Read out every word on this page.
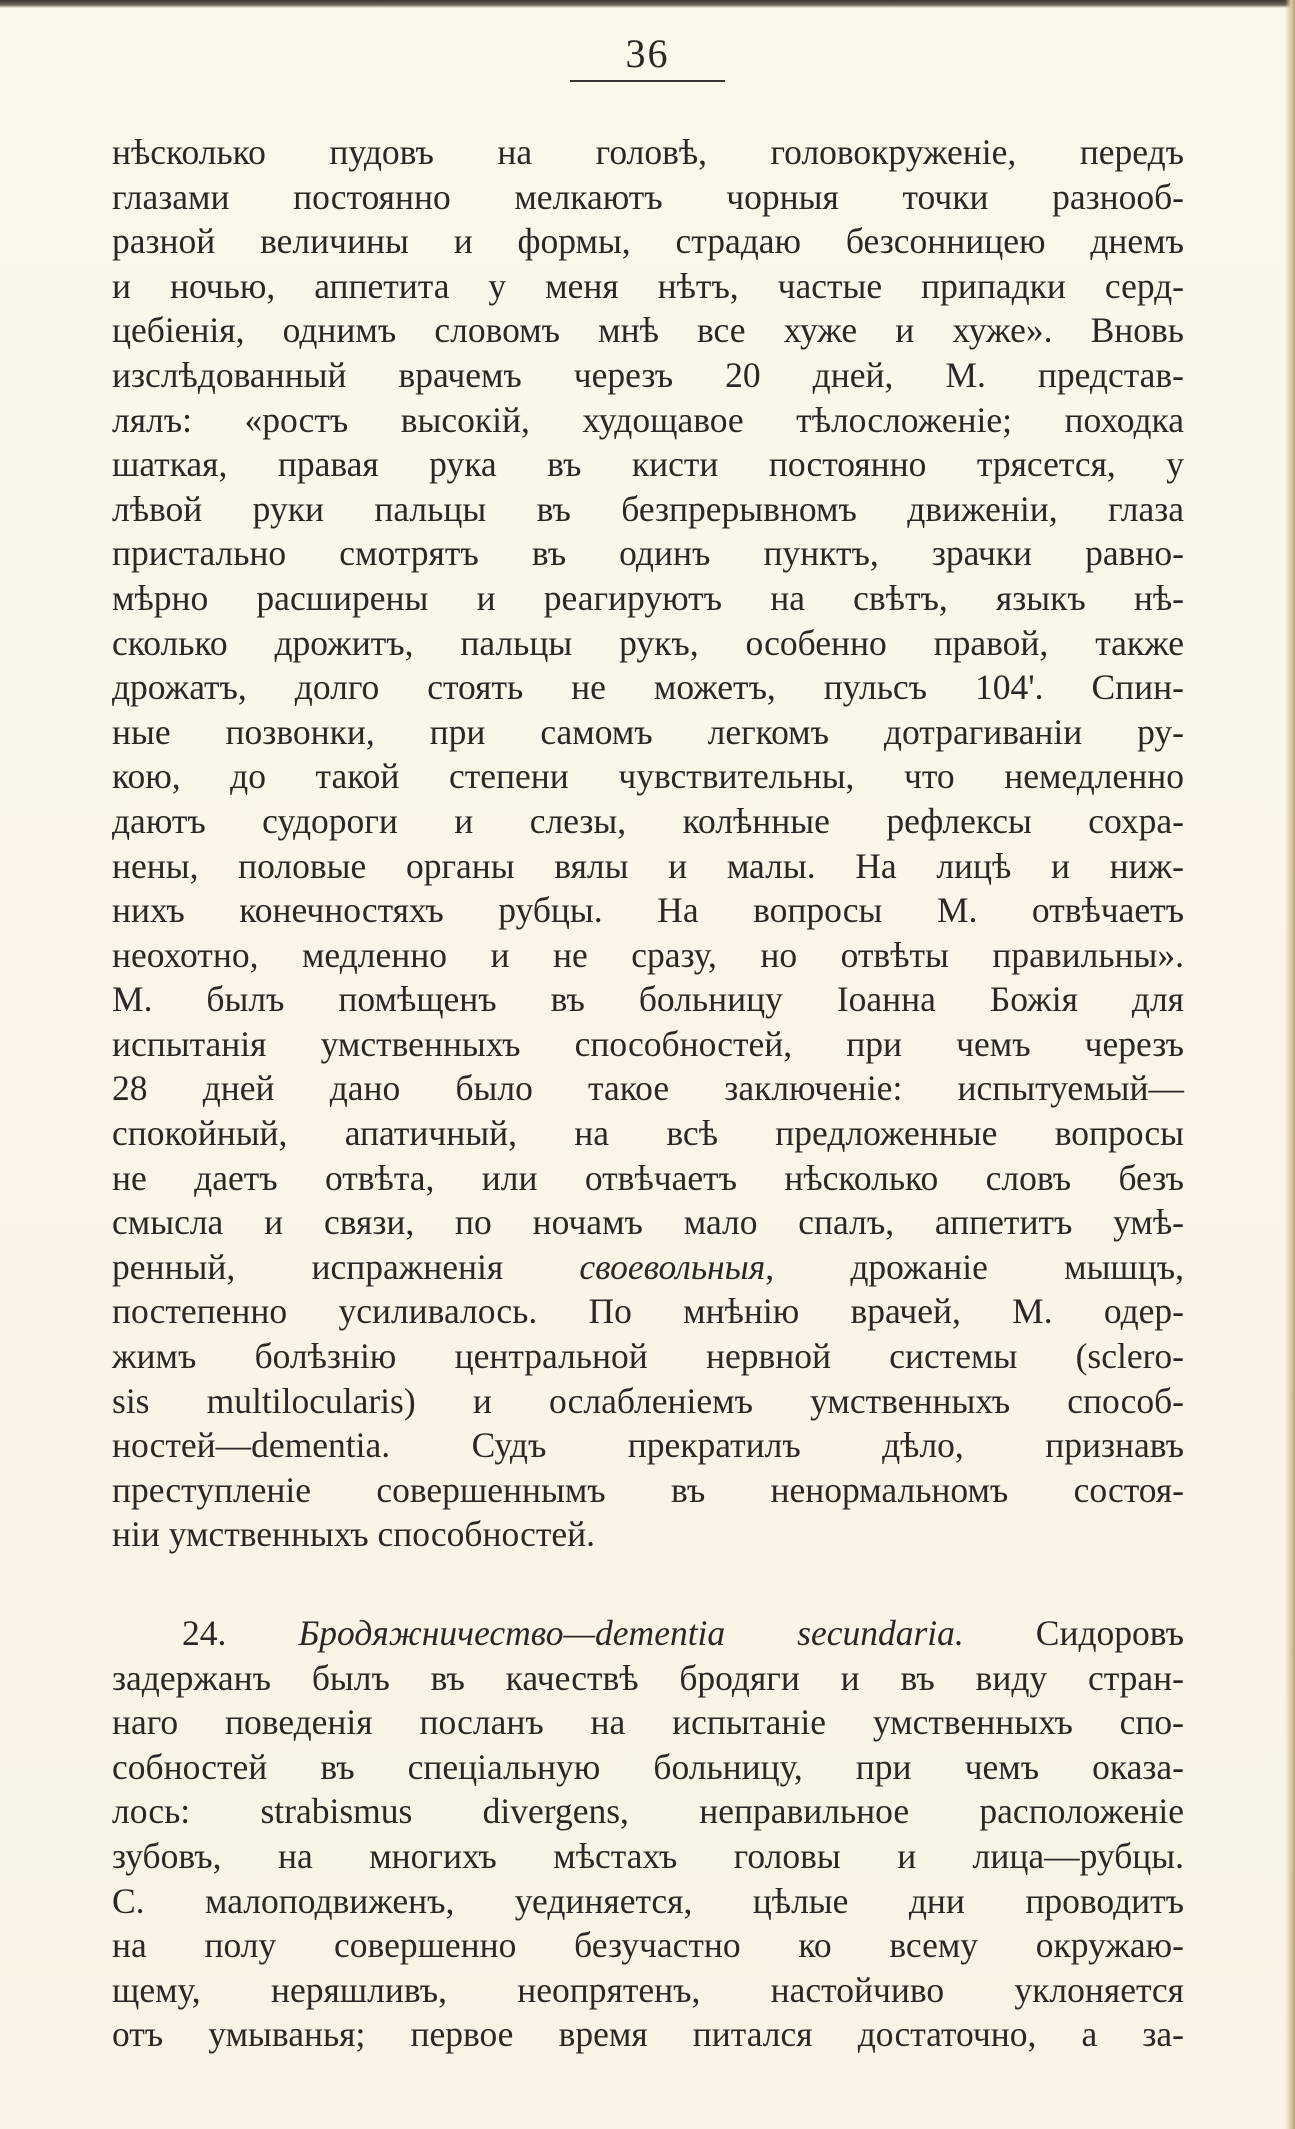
36
нѣсколько пудовъ на головѣ, головокруженіе, передъ
глазами постоянно мелкаютъ чорныя точки разнооб-
разной величины и формы, страдаю безсонницею днемъ
и ночью, аппетита у меня нѣтъ, частые припадки серд-
цебіенія, однимъ словомъ мнѣ все хуже и хуже». Вновь
изслѣдованный врачемъ черезъ 20 дней, М. представ-
лялъ: «ростъ высокій, худощавое тѣлосложеніе; походка
шаткая, правая рука въ кисти постоянно трясется, у
лѣвой руки пальцы въ безпрерывномъ движеніи, глаза
пристально смотрятъ въ одинъ пунктъ, зрачки равно-
мѣрно расширены и реагируютъ на свѣтъ, языкъ нѣ-
сколько дрожитъ, пальцы рукъ, особенно правой, также
дрожатъ, долго стоять не можетъ, пульсъ 104'. Спин-
ные позвонки, при самомъ легкомъ дотрагиваніи ру-
кою, до такой степени чувствительны, что немедленно
даютъ судороги и слезы, колѣнные рефлексы сохра-
нены, половые органы вялы и малы. На лицѣ и ниж-
нихъ конечностяхъ рубцы. На вопросы М. отвѣчаетъ
неохотно, медленно и не сразу, но отвѣты правильны».
М. былъ помѣщенъ въ больницу Іоанна Божія для
испытанія умственныхъ способностей, при чемъ черезъ
28 дней дано было такое заключеніе: испытуемый—
спокойный, апатичный, на всѣ предложенные вопросы
не даетъ отвѣта, или отвѣчаетъ нѣсколько словъ безъ
смысла и связи, по ночамъ мало спалъ, аппетитъ умѣ-
ренный, испражненія своевольныя, дрожаніе мышцъ,
постепенно усиливалось. По мнѣнію врачей, М. одер-
жимъ болѣзнію центральной нервной системы (sclero-
sis multilocularis) и ослабленіемъ умственныхъ способ-
ностей—dementia. Судъ прекратилъ дѣло, признавъ
преступленіе совершеннымъ въ ненормальномъ состоя-
ніи умственныхъ способностей.
24. Бродяжничество—dementia secundaria. Сидоровъ
задержанъ былъ въ качествѣ бродяги и въ виду стран-
наго поведенія посланъ на испытаніе умственныхъ спо-
собностей въ спеціальную больницу, при чемъ оказа-
лось: strabismus divergens, неправильное расположеніе
зубовъ, на многихъ мѣстахъ головы и лица—рубцы.
С. малоподвиженъ, уединяется, цѣлые дни проводитъ
на полу совершенно безучастно ко всему окружаю-
щему, неряшливъ, неопрятенъ, настойчиво уклоняется
отъ умыванья; первое время питался достаточно, а за-
